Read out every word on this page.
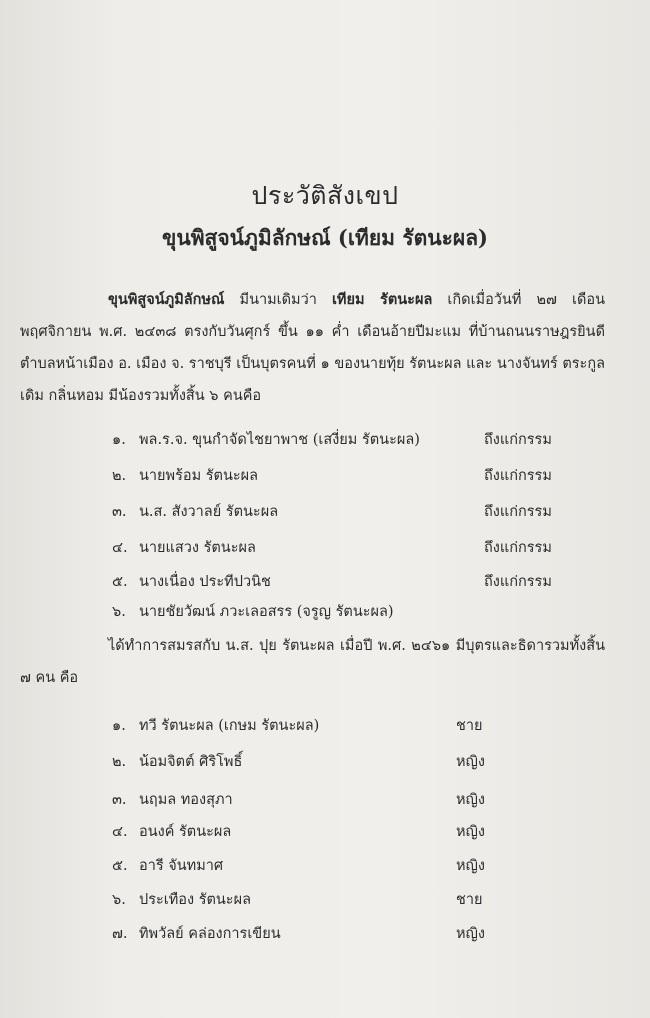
ประวัติสังเขป
ขุนพิสูจน์ภูมิลักษณ์ (เทียม รัตนะผล)
ขุนพิสูจน์ภูมิลักษณ์ มีนามเดิมว่า เทียม รัตนะผล เกิดเมื่อวันที่ ๒๗ เดือนพฤศจิกายน พ.ศ. ๒๔๓๘ ตรงกับวันศุกร์ ขึ้น ๑๑ ค่ำ เดือนอ้ายปีมะแม ที่บ้านถนนราษฎรยินดี ตำบลหน้าเมือง อ. เมือง จ. ราชบุรี เป็นบุตรคนที่ ๑ ของนายทุ้ย รัตนะผล และ นางจันทร์ ตระกูลเดิม กลิ่นหอม มีน้องรวมทั้งสิ้น ๖ คนคือ
๑. พล.ร.จ. ขุนกำจัดไชยาพาช (เสงี่ยม รัตนะผล)	ถึงแก่กรรม
๒. นายพร้อม รัตนะผล	ถึงแก่กรรม
๓. น.ส. สังวาลย์ รัตนะผล	ถึงแก่กรรม
๔. นายแสวง รัตนะผล	ถึงแก่กรรม
๕. นางเนื่อง ประทีปวนิช	ถึงแก่กรรม
๖. นายชัยวัฒน์ ภวะเลอสรร (จรูญ รัตนะผล)
ได้ทำการสมรสกับ น.ส. ปุย รัตนะผล เมื่อปี พ.ศ. ๒๔๖๑ มีบุตรและธิดารวมทั้งสิ้น ๗ คน คือ
๑. ทวี รัตนะผล (เกษม รัตนะผล)	ชาย
๒. น้อมจิตต์ ศิริโพธิ์	หญิง
๓. นฤมล ทองสุภา	หญิง
๔. อนงค์ รัตนะผล	หญิง
๕. อารี จันทมาศ	หญิง
๖. ประเทือง รัตนะผล	ชาย
๗. ทิพวัลย์ คล่องการเขียน	หญิง
